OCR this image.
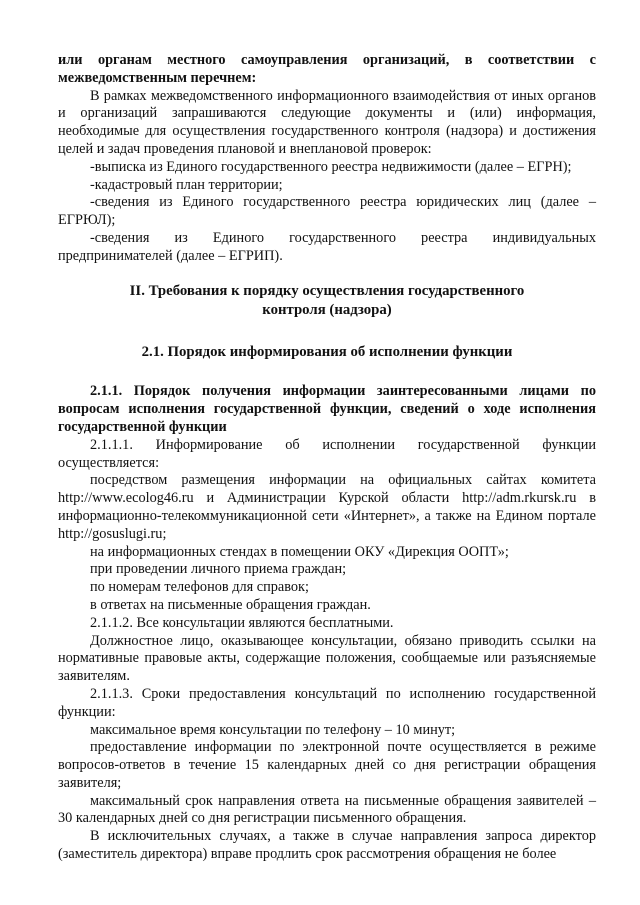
или органам местного самоуправления организаций, в соответствии с межведомственным перечнем:

В рамках межведомственного информационного взаимодействия от иных органов и организаций запрашиваются следующие документы и (или) информация, необходимые для осуществления государственного контроля (надзора) и достижения целей и задач проведения плановой и внеплановой проверок:

-выписка из Единого государственного реестра недвижимости (далее – ЕГРН);

-кадастровый план территории;

-сведения из Единого государственного реестра юридических лиц (далее – ЕГРЮЛ);

-сведения из Единого государственного реестра индивидуальных предпринимателей (далее – ЕГРИП).

II. Требования к порядку осуществления государственного контроля (надзора)

2.1. Порядок информирования об исполнении функции

2.1.1. Порядок получения информации заинтересованными лицами по вопросам исполнения государственной функции, сведений о ходе исполнения государственной функции

2.1.1.1. Информирование об исполнении государственной функции осуществляется:

посредством размещения информации на официальных сайтах комитета http://www.ecolog46.ru и Администрации Курской области http://adm.rkursk.ru в информационно-телекоммуникационной сети «Интернет», а также на Едином портале http://gosuslugi.ru;

на информационных стендах в помещении ОКУ «Дирекция ООПТ»;

при проведении личного приема граждан;

по номерам телефонов для справок;

в ответах на письменные обращения граждан.

2.1.1.2. Все консультации являются бесплатными.

Должностное лицо, оказывающее консультации, обязано приводить ссылки на нормативные правовые акты, содержащие положения, сообщаемые или разъясняемые заявителям.

2.1.1.3. Сроки предоставления консультаций по исполнению государственной функции:

максимальное время консультации по телефону – 10 минут;

предоставление информации по электронной почте осуществляется в режиме вопросов-ответов в течение 15 календарных дней со дня регистрации обращения заявителя;

максимальный срок направления ответа на письменные обращения заявителей – 30 календарных дней со дня регистрации письменного обращения.

В исключительных случаях, а также в случае направления запроса директор (заместитель директора) вправе продлить срок рассмотрения обращения не более
